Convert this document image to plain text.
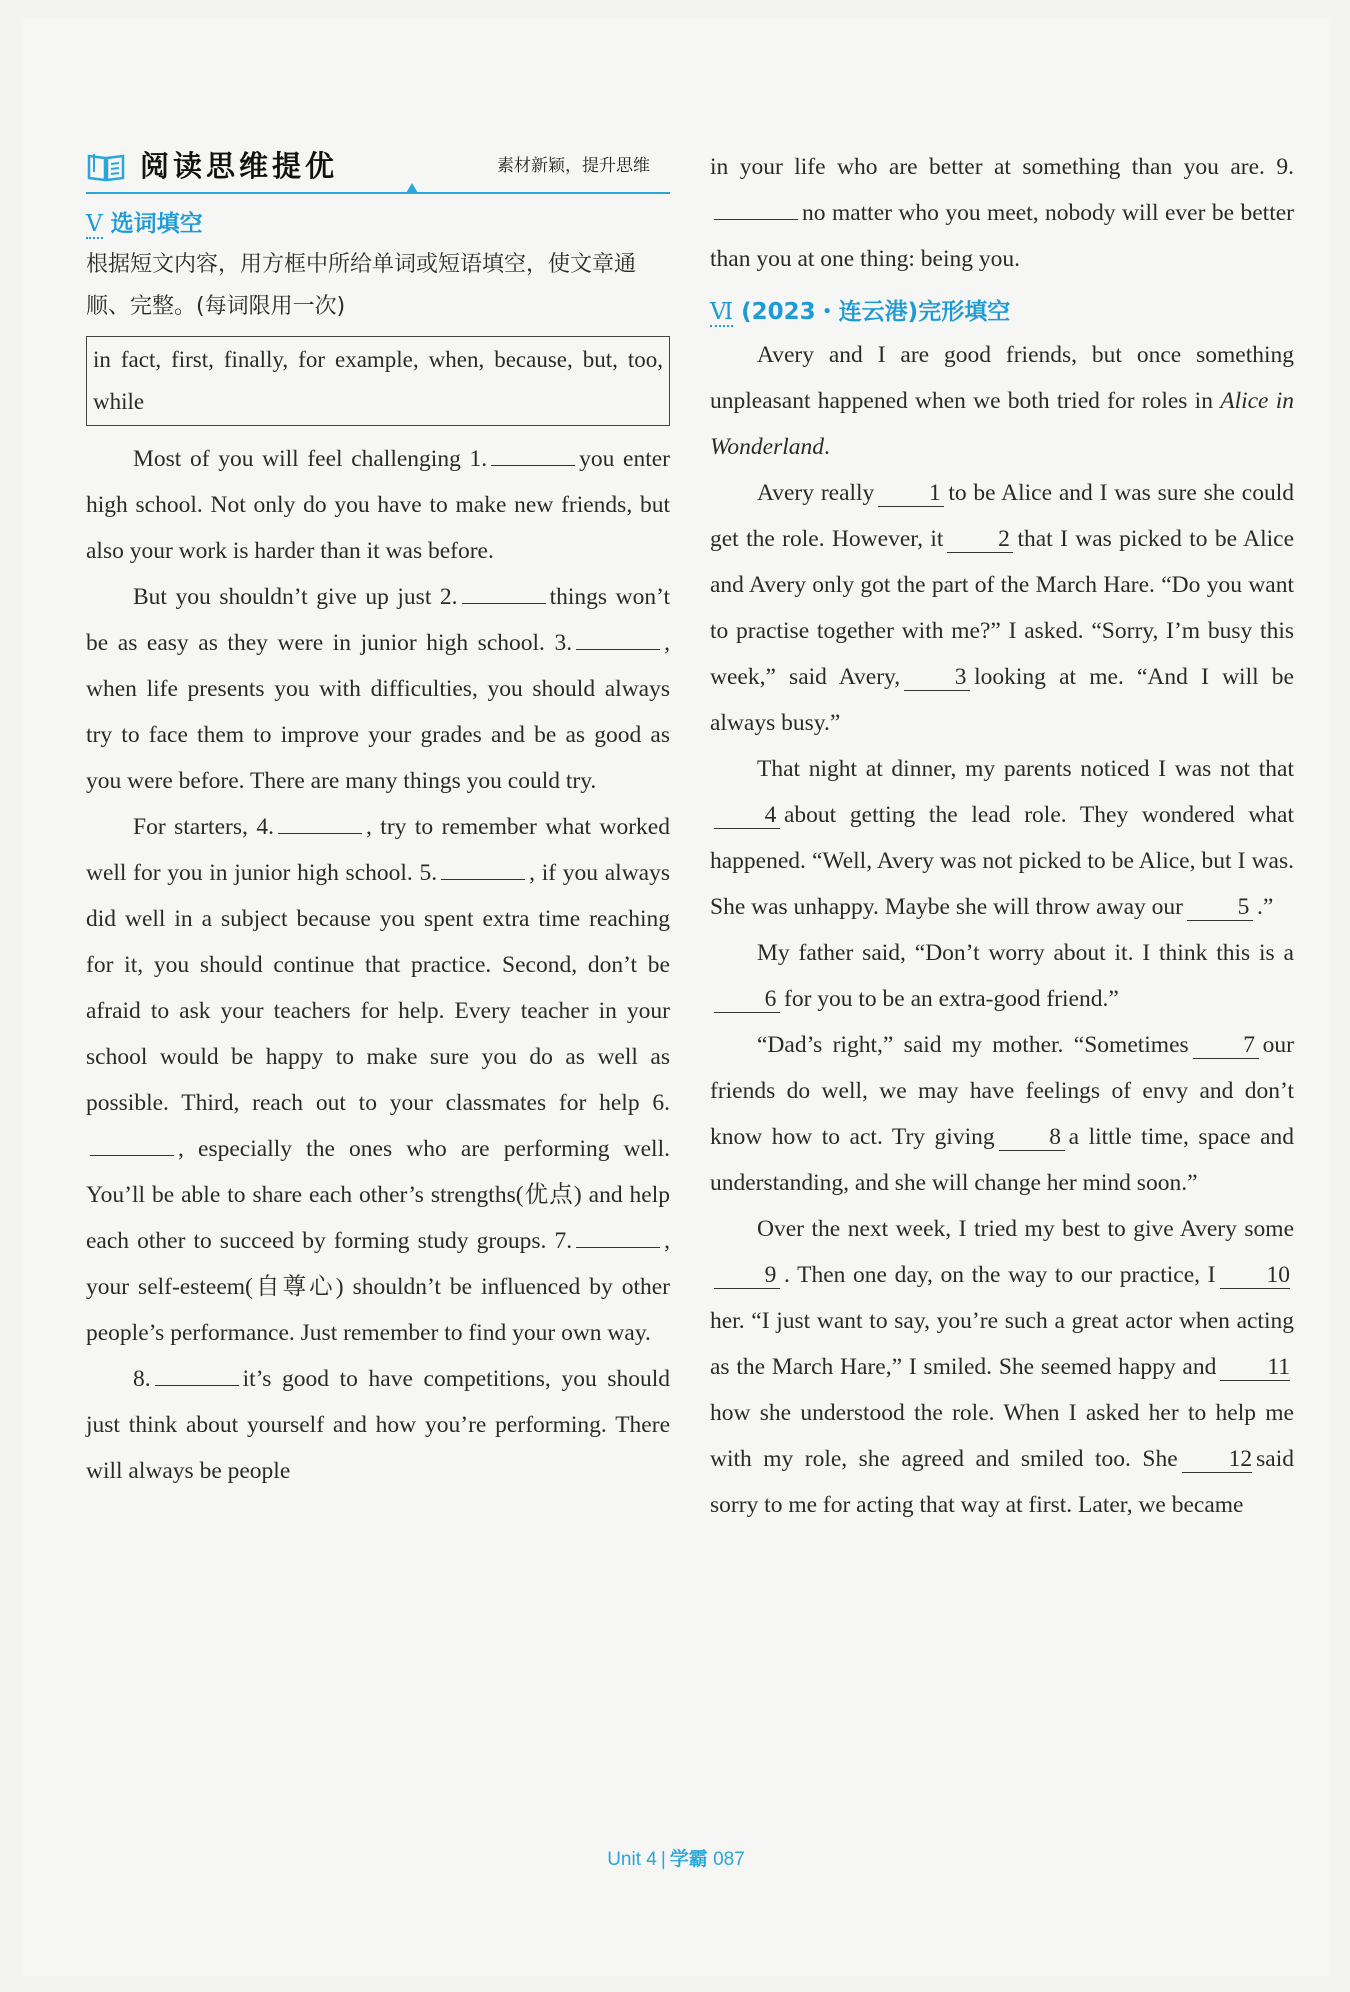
阅读思维提优	素材新颖，提升思维
Ⅴ 选词填空

根据短文内容，用方框中所给单词或短语填空，使文章通顺、完整。(每词限用一次)

in fact, first, finally, for example, when, because, but, too, while

Most of you will feel challenging 1.	you enter high school. Not only do you have to make new friends, but also your work is harder than it was before.

But you shouldn’t give up just 2.	things won’t be as easy as they were in junior high school. 3.	, when life presents you with difficulties, you should always try to face them to improve your grades and be as good as you were before. There are many things you could try.

For starters, 4.	, try to remember what worked well for you in junior high school. 5.	, if you always did well in a subject because you spent extra time reaching for it, you should continue that practice. Second, don’t be afraid to ask your teachers for help. Every teacher in your school would be happy to make sure you do as well as possible. Third, reach out to your classmates for help 6., especially the ones who are performing well. You’ll be able to share each other’s strengths(优点) and help each other to succeed by forming study groups. 7.	, your self-esteem(自尊心) shouldn’t be influenced by other people’s performance. Just remember to find your own way.

8.	it’s good to have competitions, you should just think about yourself and how you’re performing. There will always be people

in your life who are better at something than you are. 9.no matter who you meet, nobody will ever be better than you at one thing: being you.

Ⅵ (2023・连云港)完形填空

Avery and I are good friends, but once something unpleasant happened when we both tried for roles in Alice in Wonderland.

Avery really 1 to be Alice and I was sure she could get the role. However, it 2 that I was picked to be Alice and Avery only got the part of the March Hare. “Do you want to practise together with me?” I asked. “Sorry, I’m busy this week,” said Avery, 3 looking at me. “And I will be always busy.”

That night at dinner, my parents noticed I was not that4 about getting the lead role. They wondered what happened. “Well, Avery was not picked to be Alice, but I was. She was unhappy. Maybe she will throw away our 5 .”

My father said, “Don’t worry about it. I think this is a6 for you to be an extra-good friend.”

“Dad’s right,” said my mother. “Sometimes 7 our friends do well, we may have feelings of envy and don’t know how to act. Try giving 8 a little time, space and understanding, and she will change her mind soon.”

Over the next week, I tried my best to give Avery some9 . Then one day, on the way to our practice, I 10her. “I just want to say, you’re such a great actor when acting as the March Hare,” I smiled. She seemed happy and 11how she understood the role. When I asked her to help me with my role, she agreed and smiled too. She 12 said sorry to me for acting that way at first. Later, we became

Unit 4 | 学霸 087
